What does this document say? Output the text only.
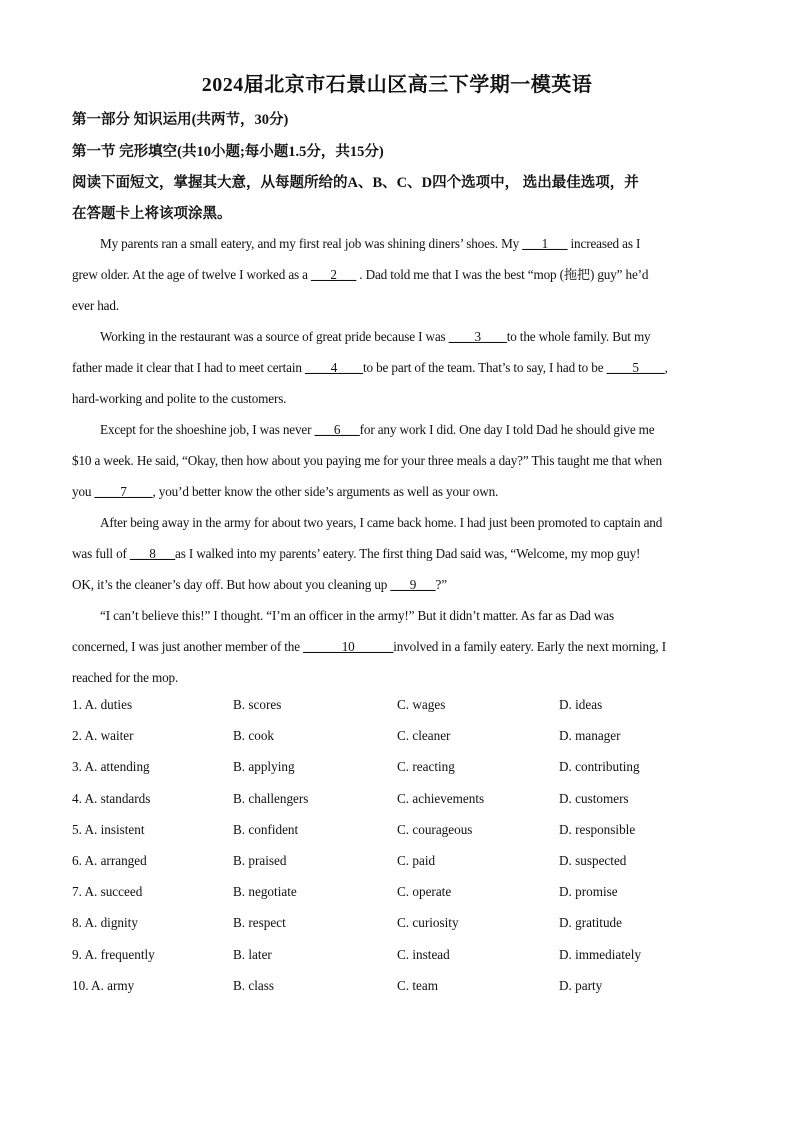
2024届北京市石景山区高三下学期一模英语
第一部分 知识运用(共两节，30分)
第一节 完形填空(共10小题;每小题1.5分，共15分)
阅读下面短文，掌握其大意，从每题所给的A、B、C、D四个选项中， 选出最佳选项，并
在答题卡上将该项涂黑。
My parents ran a small eatery, and my first real job was shining diners’ shoes. My ___1___ increased as I
grew older. At the age of twelve I worked as a ___2___ . Dad told me that I was the best “mop (拖把) guy” he’d
ever had.
Working in the restaurant was a source of great pride because I was ____3____to the whole family. But my
father made it clear that I had to meet certain ____4____to be part of the team. That’s to say, I had to be ____5____,
hard-working and polite to the customers.
Except for the shoeshine job, I was never ___6___for any work I did. One day I told Dad he should give me
$10 a week. He said, “Okay, then how about you paying me for your three meals a day?” This taught me that when
you ____7____, you’d better know the other side’s arguments as well as your own.
After being away in the army for about two years, I came back home. I had just been promoted to captain and
was full of ___8___as I walked into my parents’ eatery. The first thing Dad said was, “Welcome, my mop guy!
OK, it’s the cleaner’s day off. But how about you cleaning up ___9___?”
“I can’t believe this!” I thought. “I’m an officer in the army!” But it didn’t matter. As far as Dad was
concerned, I was just another member of the ______10______involved in a family eatery. Early the next morning, I
reached for the mop.
1. A. duties	B. scores	C. wages	D. ideas
2. A. waiter	B. cook	C. cleaner	D. manager
3. A. attending	B. applying	C. reacting	D. contributing
4. A. standards	B. challengers	C. achievements	D. customers
5. A. insistent	B. confident	C. courageous	D. responsible
6. A. arranged	B. praised	C. paid	D. suspected
7. A. succeed	B. negotiate	C. operate	D. promise
8. A. dignity	B. respect	C. curiosity	D. gratitude
9. A. frequently	B. later	C. instead	D. immediately
10. A. army	B. class	C. team	D. party
